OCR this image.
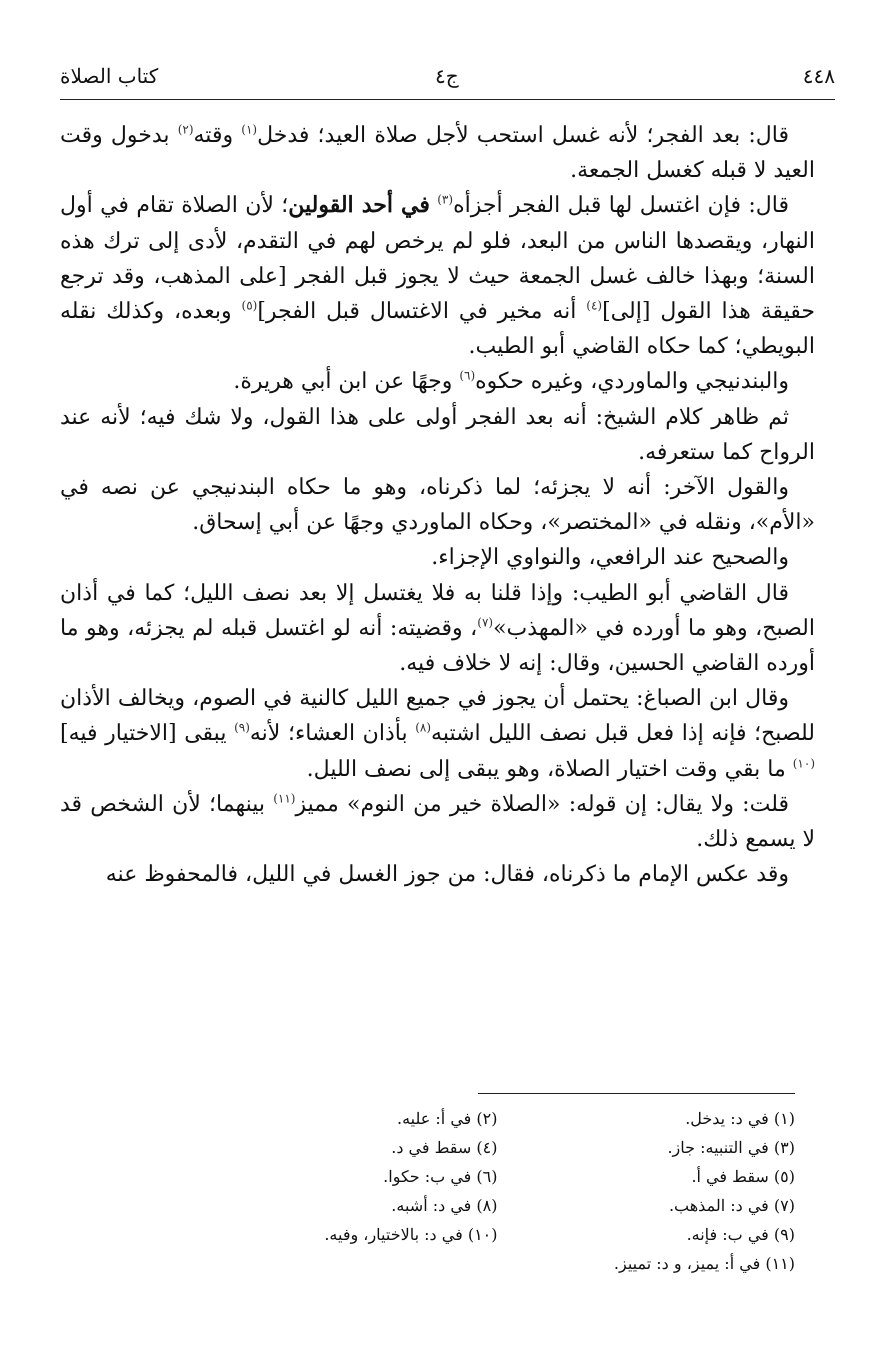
كتاب الصلاة	ج٤	٤٤٨

قال: بعد الفجر؛ لأنه غسل استحب لأجل صلاة العيد؛ فدخل$^{(١)}$ وقته$^{(٢)}$ بدخول وقت العيد لا قبله كغسل الجمعة.

قال: فإن اغتسل لها قبل الفجر أجزأه$^{(٣)}$ في أحد القولين؛ لأن الصلاة تقام في أول النهار، ويقصدها الناس من البعد، فلو لم يرخص لهم في التقدم، لأدى إلى ترك هذه السنة؛ وبهذا خالف غسل الجمعة حيث لا يجوز قبل الفجر [على المذهب، وقد ترجع حقيقة هذا القول [إلى]$^{(٤)}$ أنه مخير في الاغتسال قبل الفجر]$^{(٥)}$ وبعده، وكذلك نقله البويطي؛ كما حكاه القاضي أبو الطيب.

والبندنيجي والماوردي، وغيره حكوه$^{(٦)}$ وجهًا عن ابن أبي هريرة.

ثم ظاهر كلام الشيخ: أنه بعد الفجر أولى على هذا القول، ولا شك فيه؛ لأنه عند الرواح كما ستعرفه.

والقول الآخر: أنه لا يجزئه؛ لما ذكرناه، وهو ما حكاه البندنيجي عن نصه في «الأم»، ونقله في «المختصر»، وحكاه الماوردي وجهًا عن أبي إسحاق.

والصحيح عند الرافعي، والنواوي الإجزاء.

قال القاضي أبو الطيب: وإذا قلنا به فلا يغتسل إلا بعد نصف الليل؛ كما في أذان الصبح، وهو ما أورده في «المهذب»$^{(٧)}$، وقضيته: أنه لو اغتسل قبله لم يجزئه، وهو ما أورده القاضي الحسين، وقال: إنه لا خلاف فيه.

وقال ابن الصباغ: يحتمل أن يجوز في جميع الليل كالنية في الصوم، ويخالف الأذان للصبح؛ فإنه إذا فعل قبل نصف الليل اشتبه$^{(٨)}$ بأذان العشاء؛ لأنه$^{(٩)}$ يبقى [الاختيار فيه]$^{(١٠)}$ ما بقي وقت اختيار الصلاة، وهو يبقى إلى نصف الليل.

قلت: ولا يقال: إن قوله: «الصلاة خير من النوم» مميز$^{(١١)}$ بينهما؛ لأن الشخص قد لا يسمع ذلك.

وقد عكس الإمام ما ذكرناه، فقال: من جوز الغسل في الليل، فالمحفوظ عنه

(١) في د: يدخل.
(٢) في أ: عليه.
(٣) في التنبيه: جاز.
(٤) سقط في د.
(٥) سقط في أ.
(٦) في ب: حكوا.
(٧) في د: المذهب.
(٨) في د: أشبه.
(٩) في ب: فإنه.
(١٠) في د: بالاختيار، وفيه.
(١١) في أ: يميز، و د: تمييز.
